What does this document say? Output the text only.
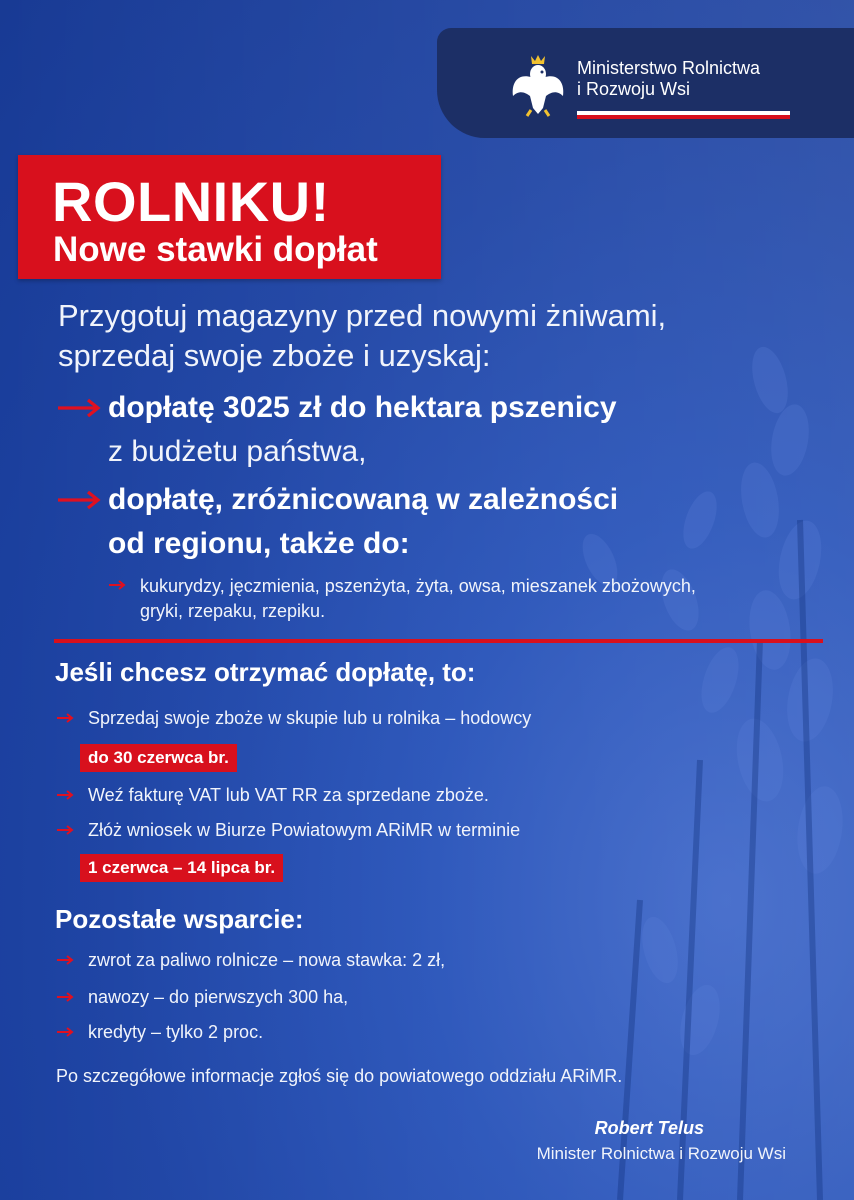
Ministerstwo Rolnictwa
i Rozwoju Wsi
ROLNIKU!
Nowe stawki dopłat
Przygotuj magazyny przed nowymi żniwami,
sprzedaj swoje zboże i uzyskaj:
dopłatę 3025 zł do hektara pszenicy
z budżetu państwa,
dopłatę, zróżnicowaną w zależności
od regionu, także do:
kukurydzy, jęczmienia, pszenżyta, żyta, owsa, mieszanek zbożowych,
gryki, rzepaku, rzepiku.
Jeśli chcesz otrzymać dopłatę, to:
Sprzedaj swoje zboże w skupie lub u rolnika – hodowcy
do 30 czerwca br.
Weź fakturę VAT lub VAT RR za sprzedane zboże.
Złóż wniosek w Biurze Powiatowym ARiMR w terminie
1 czerwca – 14 lipca br.
Pozostałe wsparcie:
zwrot za paliwo rolnicze – nowa stawka: 2 zł,
nawozy – do pierwszych 300 ha,
kredyty – tylko 2 proc.
Po szczegółowe informacje zgłoś się do powiatowego oddziału ARiMR.
Robert Telus
Minister Rolnictwa i Rozwoju Wsi
